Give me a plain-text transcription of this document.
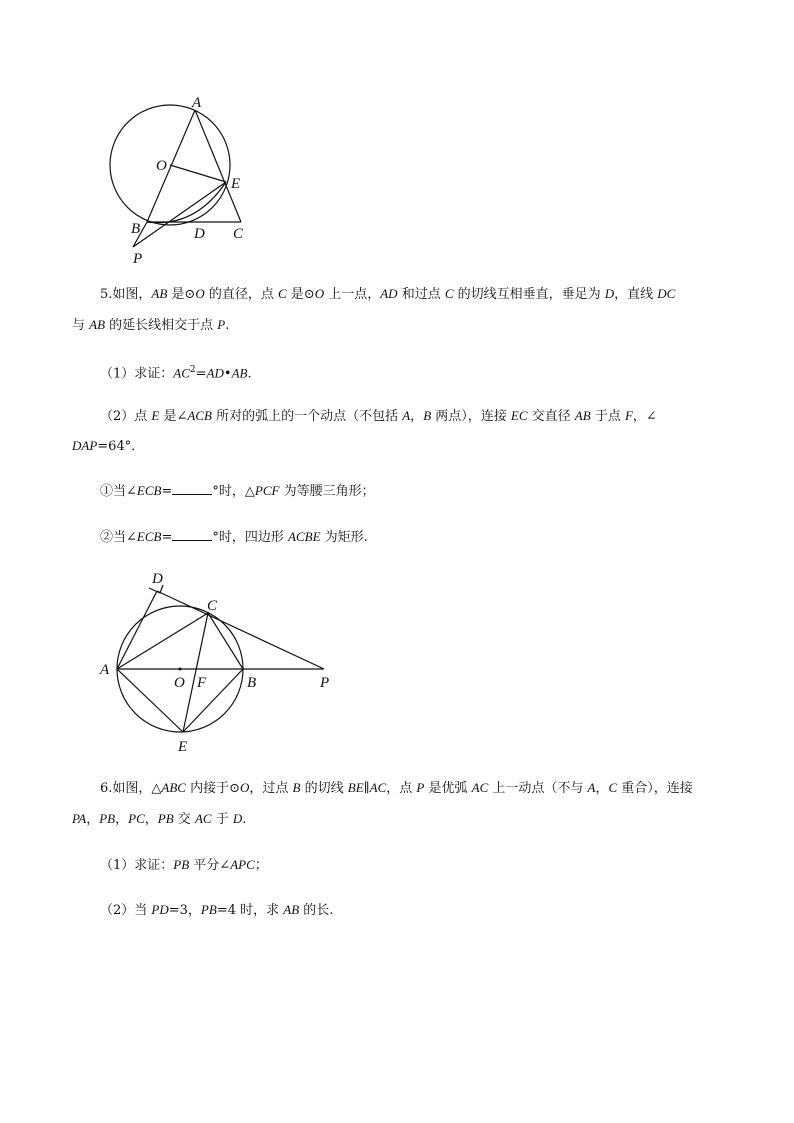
A
O
E
B	D C
P
5.如图，AB 是⊙O 的直径，点 C 是⊙O 上一点，AD 和过点 C 的切线互相垂直，垂足为 D，直线 DC
与 AB 的延长线相交于点 P.
（1）求证：$AC^2=AD•AB$.
（2）点 E 是∠ACB 所对的弧上的一个动点（不包括 A，B 两点），连接 EC 交直径 AB 于点 F，∠
DAP=64°．
①当∠ECB=	°时，△PCF 为等腰三角形；
②当∠ECB=	°时，四边形 ACBE 为矩形.
D
C
A
O F	B	P
E
6.如图，△ABC 内接于⊙O，过点 B 的切线 BE∥AC，点 P 是优弧 AC 上一动点（不与 A，C 重合），连接
PA，PB，PC，PB 交 AC 于 D.
（1）求证：PB 平分∠APC；
（2）当 PD=3，PB=4 时，求 AB 的长.
